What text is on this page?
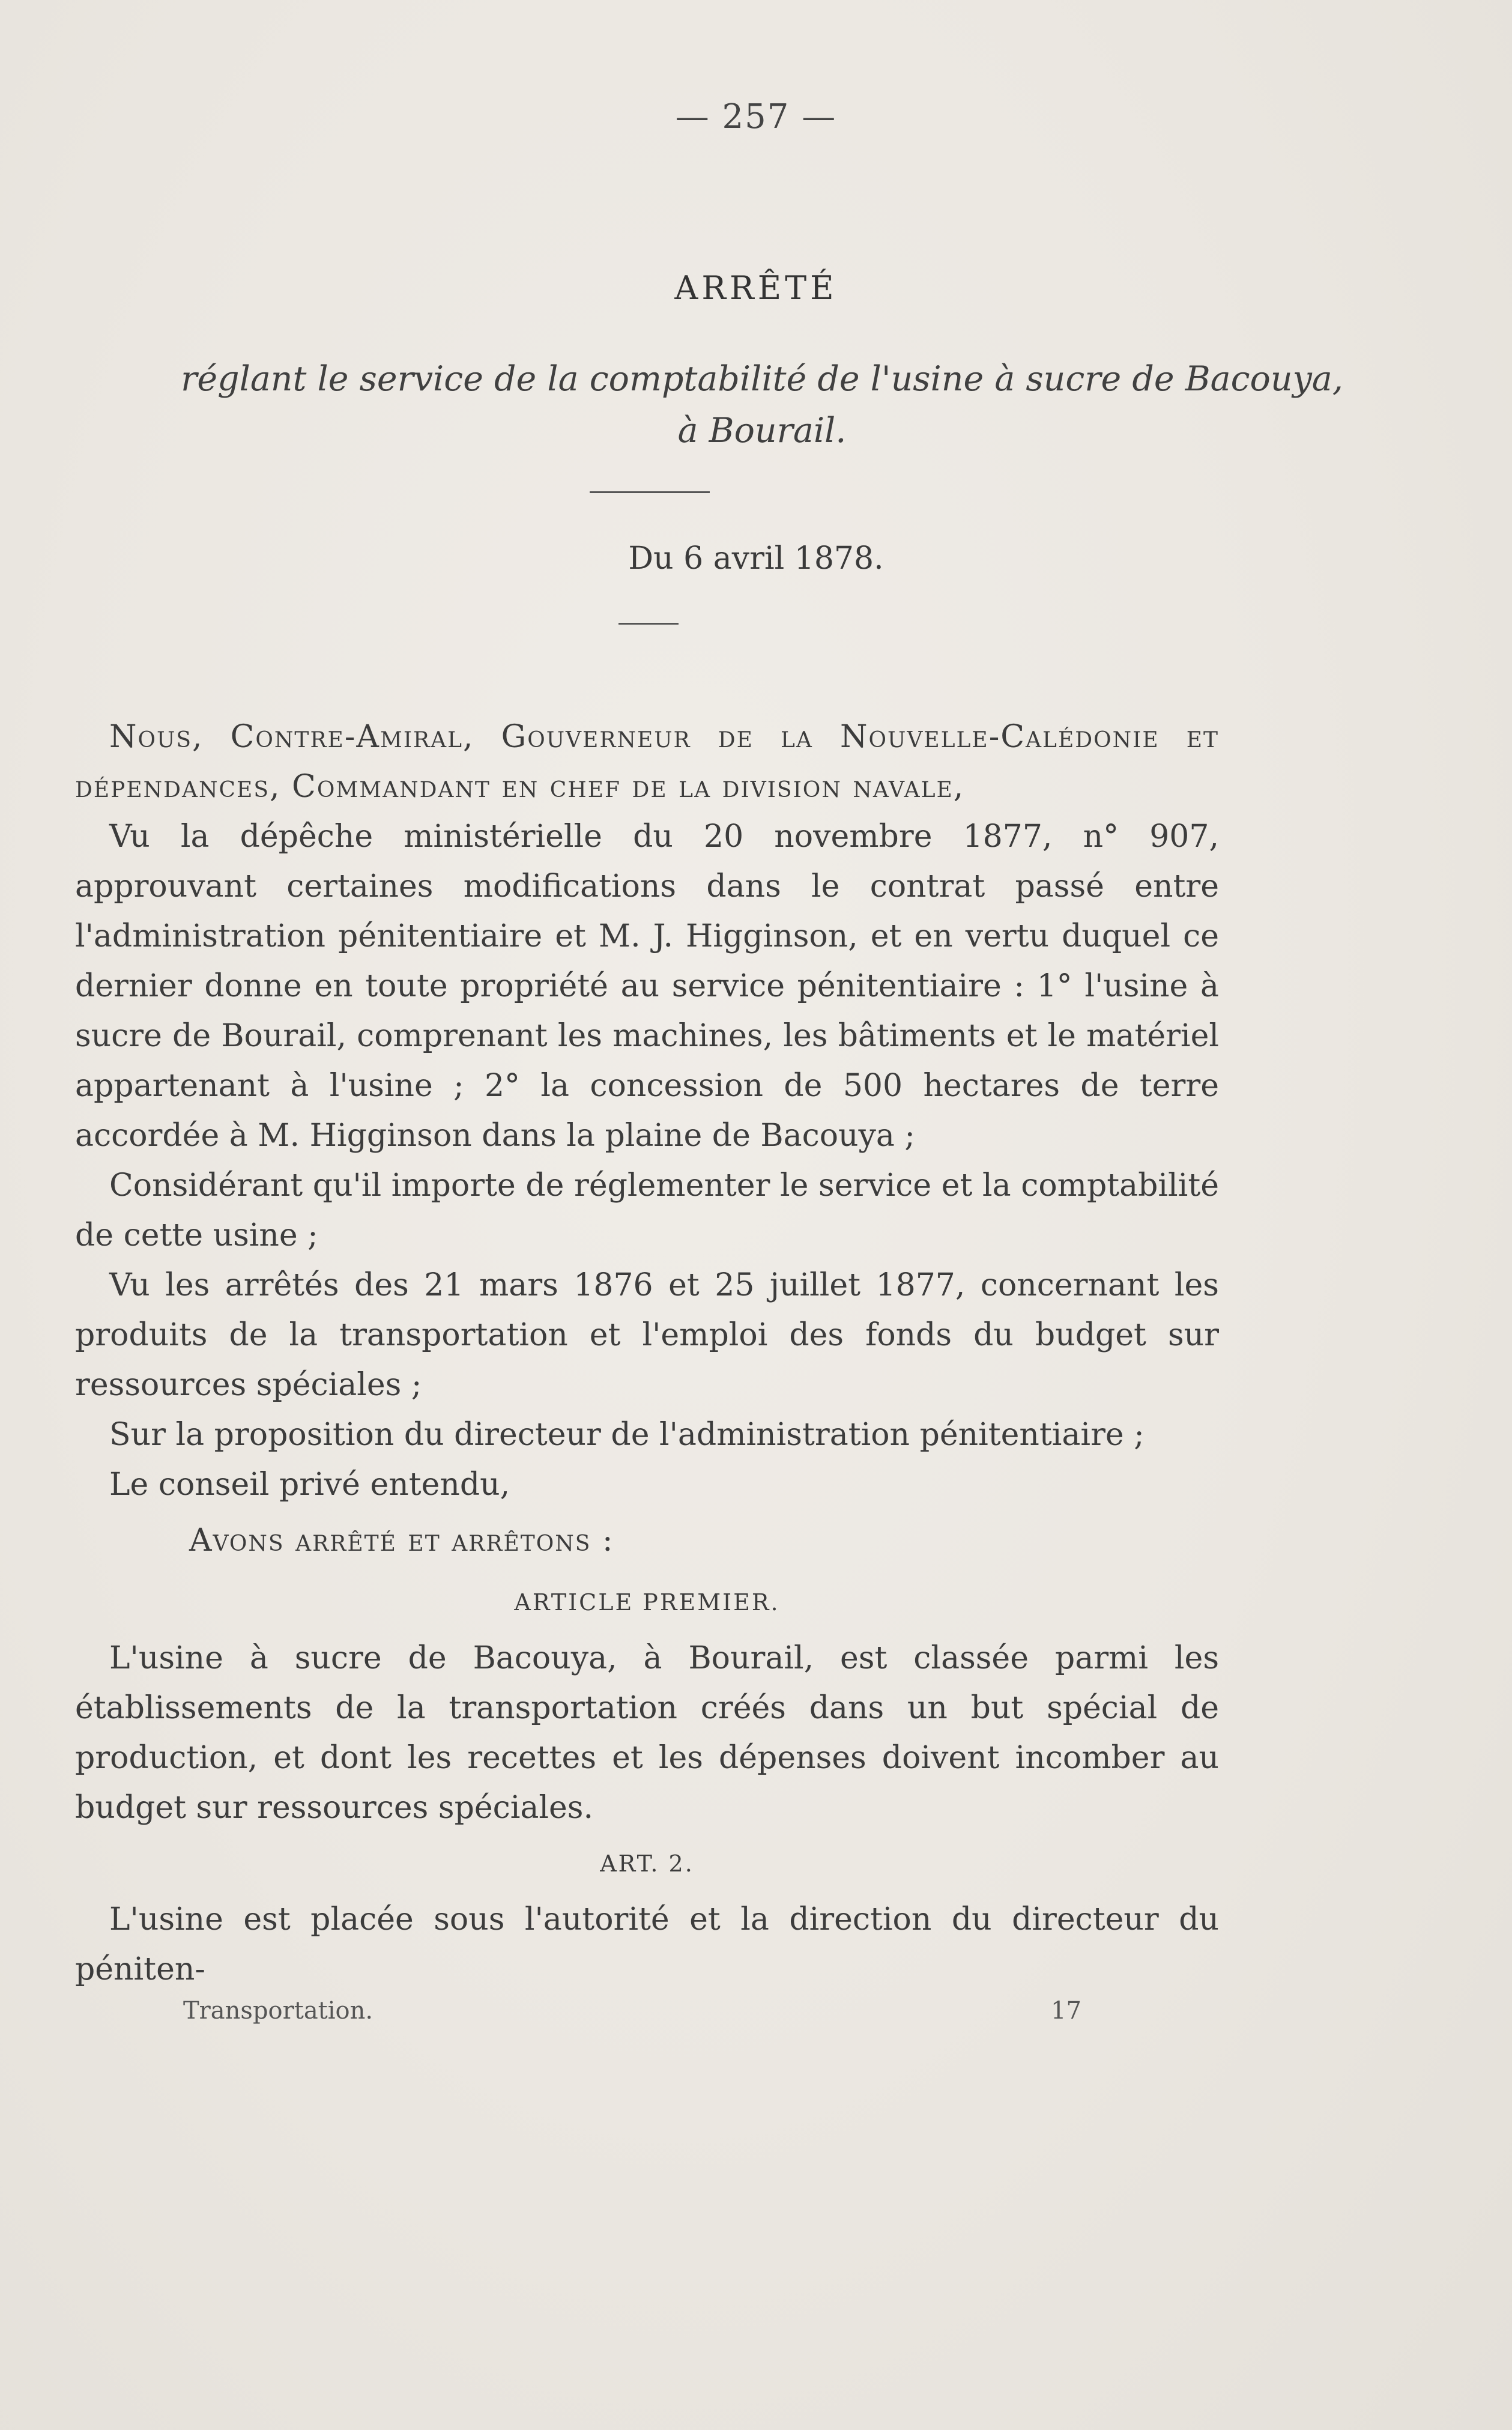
— 257 —
ARRÊTÉ
réglant le service de la comptabilité de l'usine à sucre de Bacouya,
à Bourail.
Du 6 avril 1878.

Nous, Contre-Amiral, Gouverneur de la Nouvelle-Calédonie et dépendances, Commandant en chef de la division navale,

Vu la dépêche ministérielle du 20 novembre 1877, n° 907, approuvant certaines modifications dans le contrat passé entre l'administration pénitentiaire et M. J. Higginson, et en vertu duquel ce dernier donne en toute propriété au service pénitentiaire : 1° l'usine à sucre de Bourail, comprenant les machines, les bâtiments et le matériel appartenant à l'usine ; 2° la concession de 500 hectares de terre accordée à M. Higginson dans la plaine de Bacouya ;

Considérant qu'il importe de réglementer le service et la comptabilité de cette usine ;

Vu les arrêtés des 21 mars 1876 et 25 juillet 1877, concernant les produits de la transportation et l'emploi des fonds du budget sur ressources spéciales ;

Sur la proposition du directeur de l'administration pénitentiaire ;

Le conseil privé entendu,

Avons arrêté et arrêtons :

ARTICLE PREMIER.

L'usine à sucre de Bacouya, à Bourail, est classée parmi les établissements de la transportation créés dans un but spécial de production, et dont les recettes et les dépenses doivent incomber au budget sur ressources spéciales.

ART. 2.

L'usine est placée sous l'autorité et la direction du directeur du péniten-

Transportation.	17
